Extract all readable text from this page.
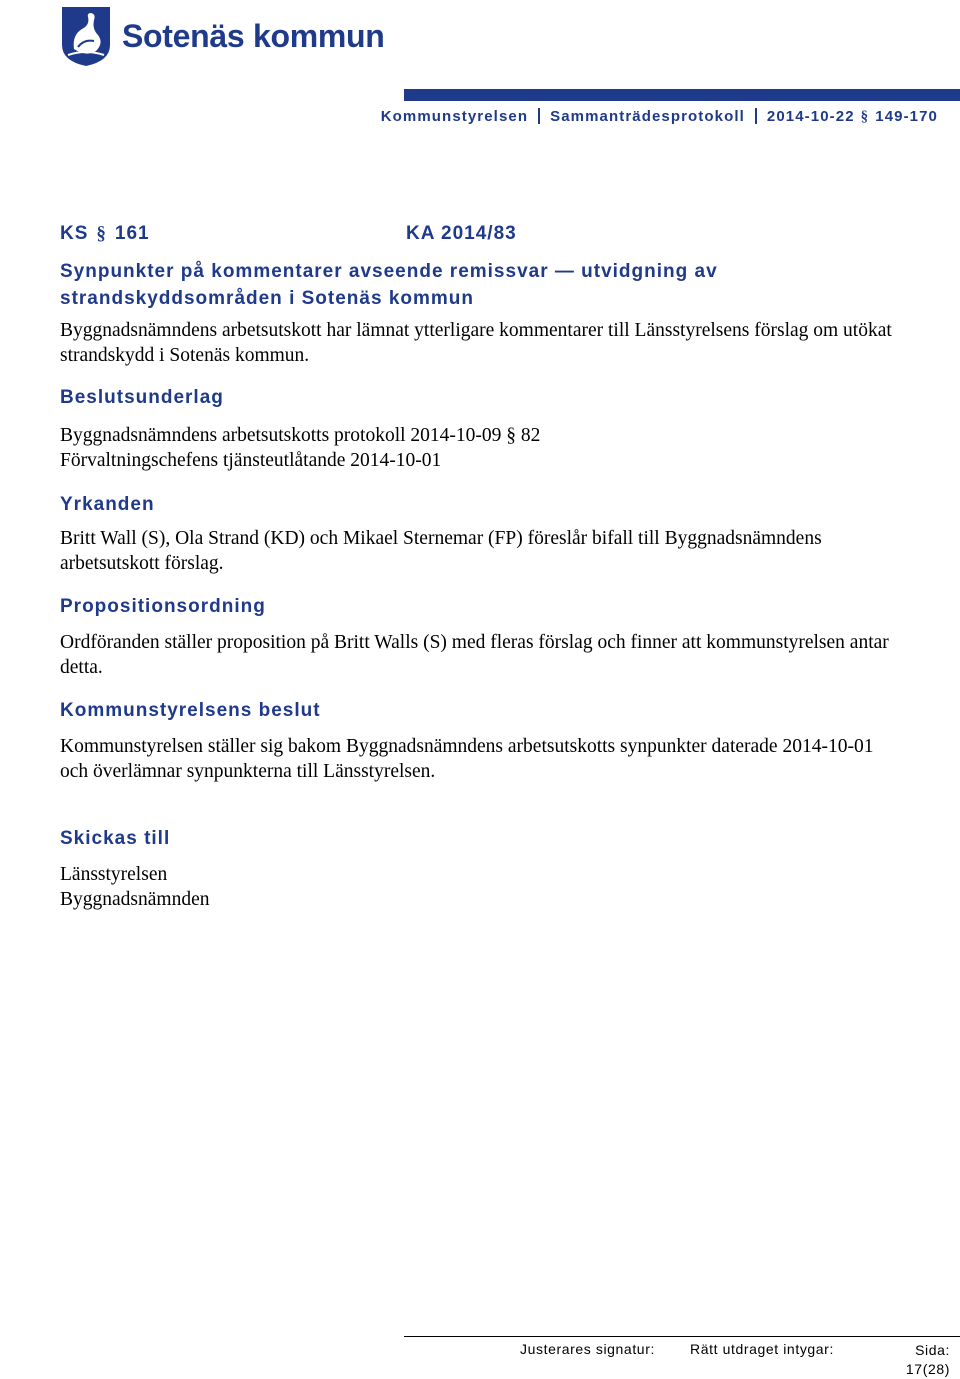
Sotenäs kommun
Kommunstyrelsen Sammanträdesprotokoll 2014-10-22 § 149-170
KS § 161	KA 2014/83
Synpunkter på kommentarer avseende remissvar — utvidgning av strandskyddsområden i Sotenäs kommun
Byggnadsnämndens arbetsutskott har lämnat ytterligare kommentarer till Länsstyrelsens förslag om utökat strandskydd i Sotenäs kommun.
Beslutsunderlag
Byggnadsnämndens arbetsutskotts protokoll 2014-10-09 § 82
Förvaltningschefens tjänsteutlåtande 2014-10-01
Yrkanden
Britt Wall (S), Ola Strand (KD) och Mikael Sternemar (FP) föreslår bifall till Byggnadsnämndens arbetsutskott förslag.
Propositionsordning
Ordföranden ställer proposition på Britt Walls (S) med fleras förslag och finner att kommunstyrelsen antar detta.
Kommunstyrelsens beslut
Kommunstyrelsen ställer sig bakom Byggnadsnämndens arbetsutskotts synpunkter daterade 2014-10-01 och överlämnar synpunkterna till Länsstyrelsen.
Skickas till
Länsstyrelsen
Byggnadsnämnden
Justerares signatur:	Rätt utdraget intygar:	Sida:
17(28)
